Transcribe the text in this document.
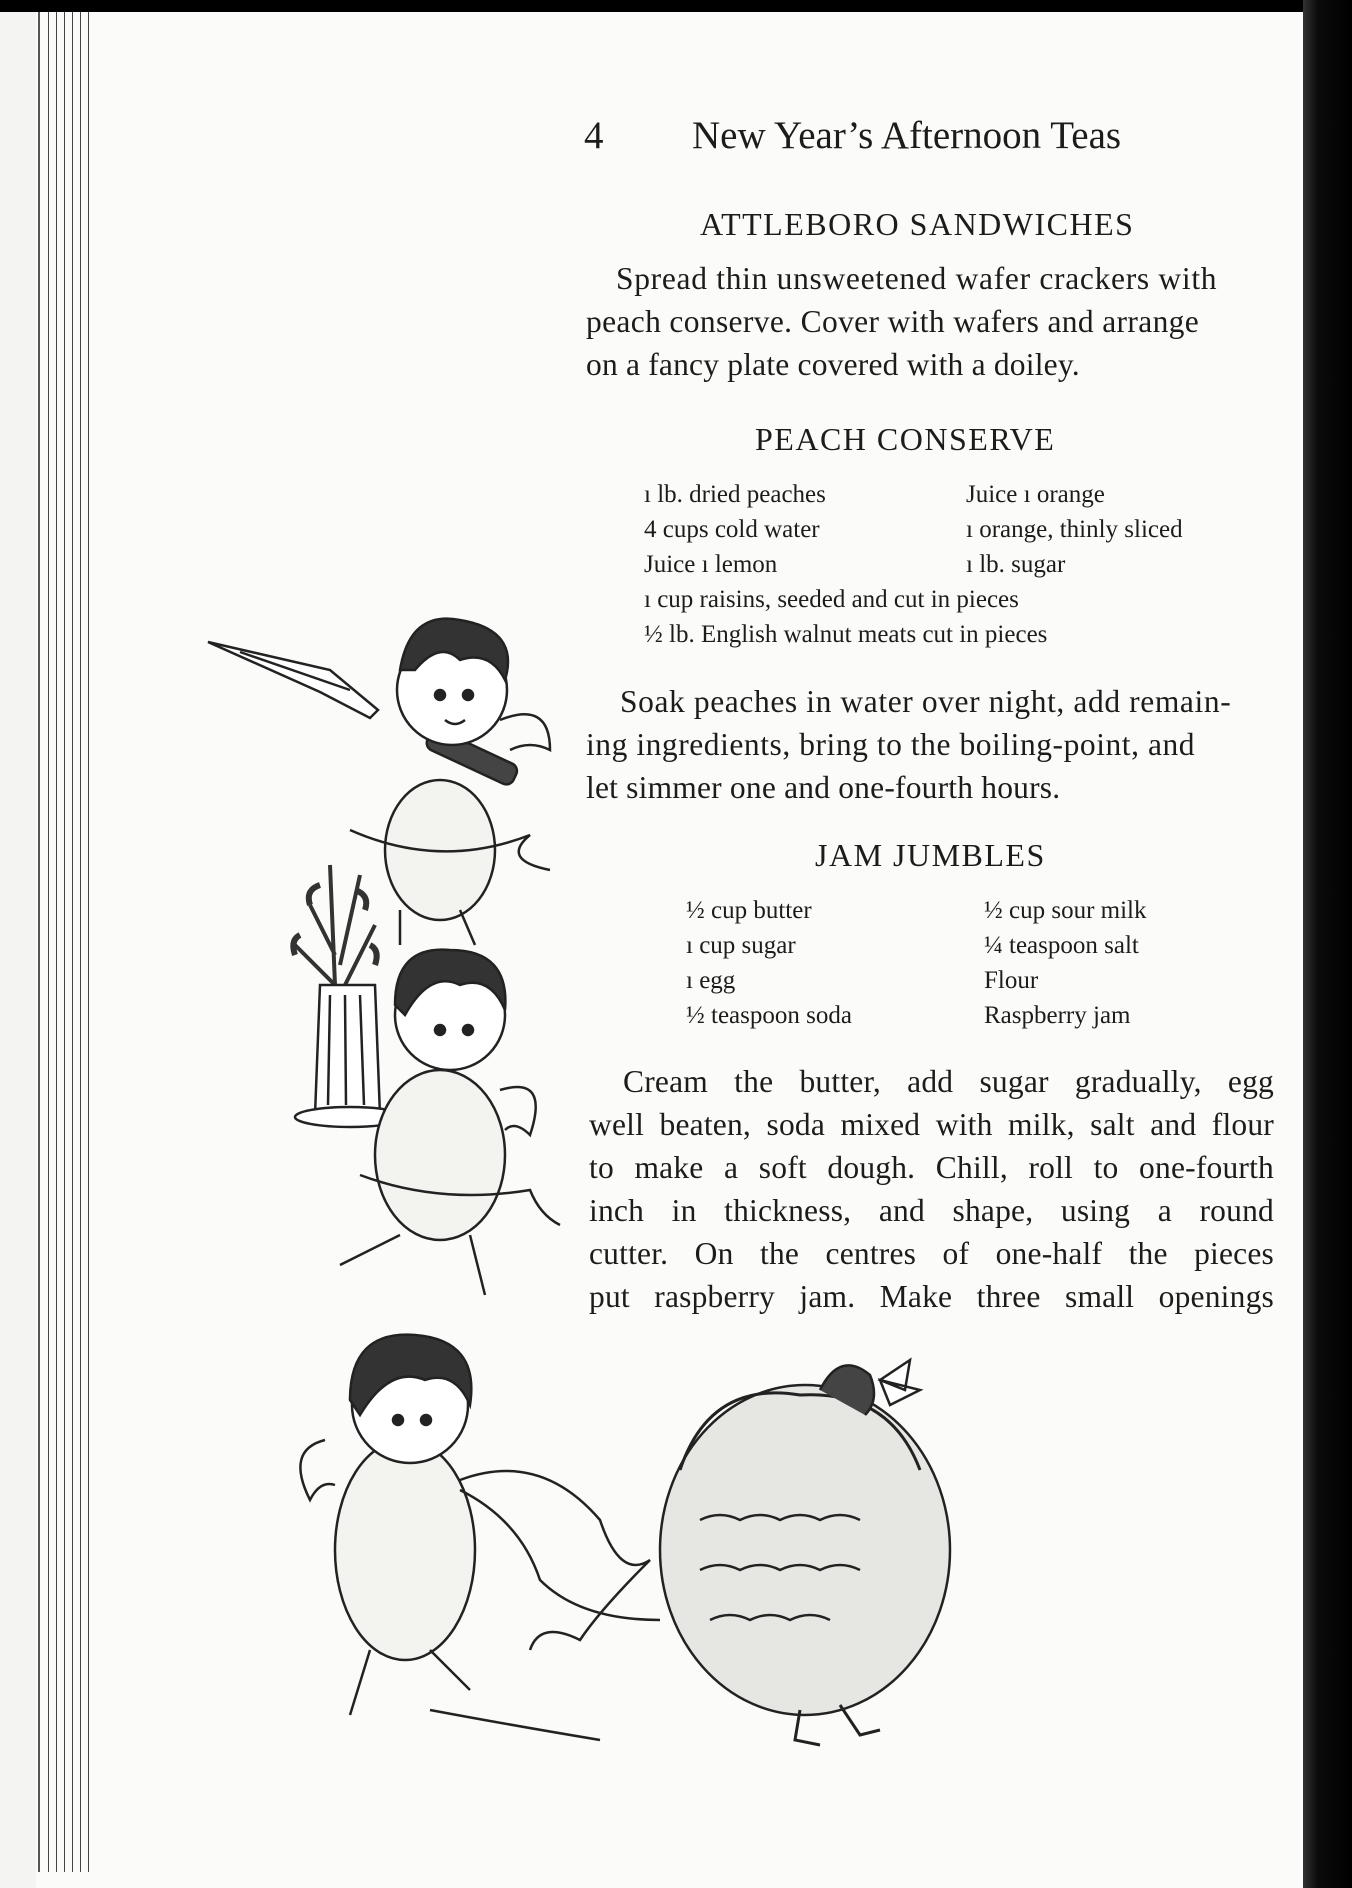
4 New Year’s Afternoon Teas
ATTLEBORO SANDWICHES
Spread thin unsweetened wafer crackers with
peach conserve. Cover with wafers and arrange
on a fancy plate covered with a doiley.
PEACH CONSERVE
ı lb. dried peaches	Juice ı orange
4 cups cold water	ı orange, thinly sliced
Juice ı lemon	ı lb. sugar
ı cup raisins, seeded and cut in pieces
½ lb. English walnut meats cut in pieces
Soak peaches in water over night, add remain-
ing ingredients, bring to the boiling-point, and
let simmer one and one-fourth hours.
JAM JUMBLES
½ cup butter	½ cup sour milk
ı cup sugar	¼ teaspoon salt
ı egg	Flour
½ teaspoon soda	Raspberry jam
Cream the butter, add sugar gradually, egg
well beaten, soda mixed with milk, salt and flour
to make a soft dough. Chill, roll to one-fourth
inch in thickness, and shape, using a round
cutter. On the centres of one-half the pieces
put raspberry jam. Make three small openings
